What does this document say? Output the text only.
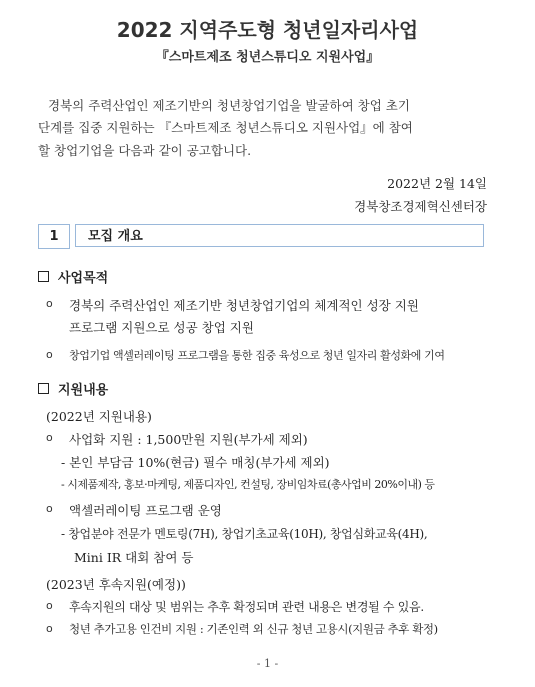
2022 지역주도형 청년일자리사업
『스마트제조 청년스튜디오 지원사업』
경북의 주력산업인 제조기반의 청년창업기업을 발굴하여 창업 초기
단계를 집중 지원하는 『스마트제조 청년스튜디오 지원사업』에 참여
할 창업기업을 다음과 같이 공고합니다.
2022년 2월 14일
경북창조경제혁신센터장
1	모집 개요
사업목적
o 경북의 주력산업인 제조기반 청년창업기업의 체계적인 성장 지원
프로그램 지원으로 성공 창업 지원
o 창업기업 액셀러레이팅 프로그램을 통한 집중 육성으로 청년 일자리 활성화에 기여
지원내용
(2022년 지원내용)
o 사업화 지원 : 1,500만원 지원(부가세 제외)
- 본인 부담금 10%(현금) 필수 매칭(부가세 제외)
- 시제품제작, 홍보·마케팅, 제품디자인, 컨설팅, 장비임차료(총사업비 20%이내) 등
o 액셀러레이팅 프로그램 운영
- 창업분야 전문가 멘토링(7H), 창업기초교육(10H), 창업심화교육(4H),
Mini IR 대회 참여 등
(2023년 후속지원(예정))
o 후속지원의 대상 및 범위는 추후 확정되며 관련 내용은 변경될 수 있음.
o 청년 추가고용 인건비 지원 : 기존인력 외 신규 청년 고용시(지원금 추후 확정)
- 1 -
